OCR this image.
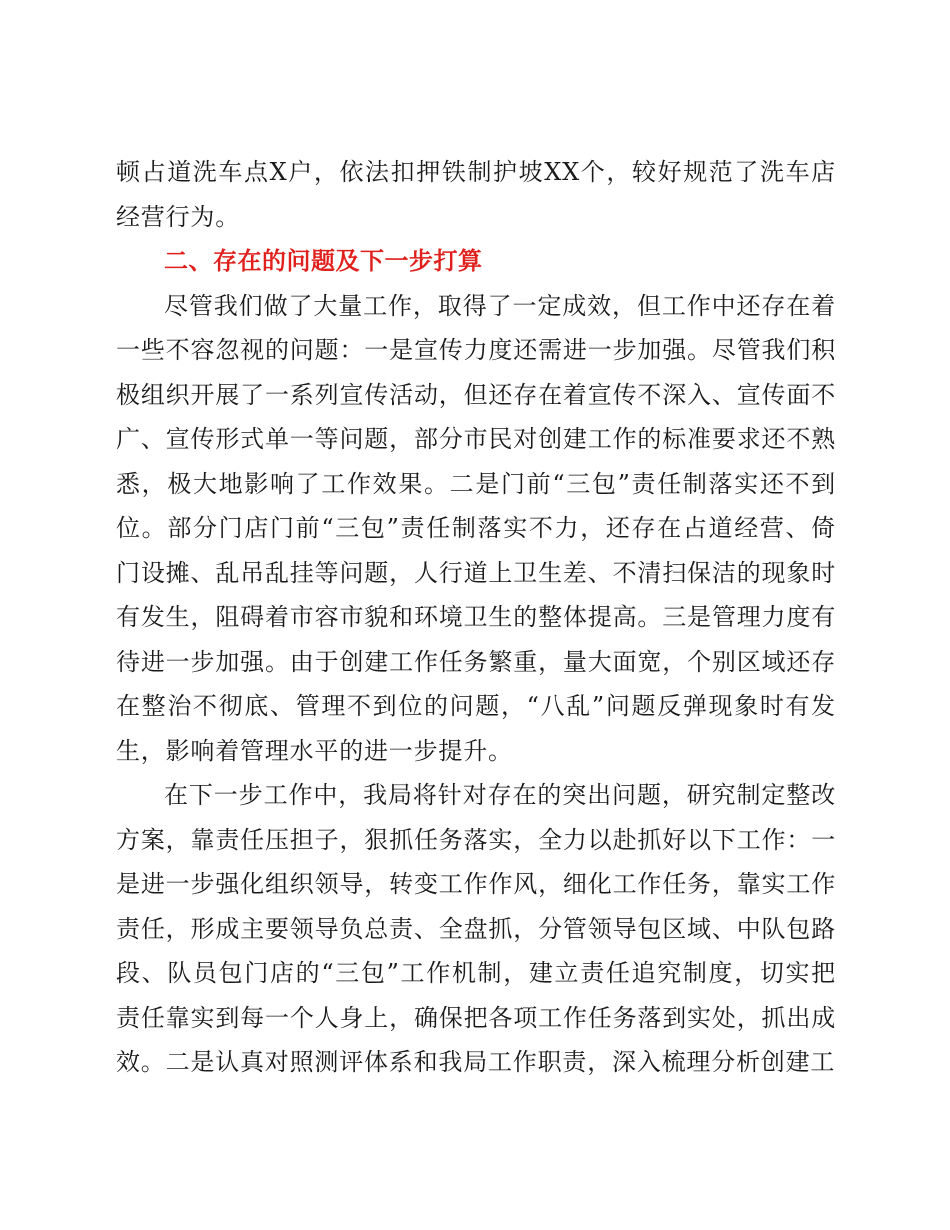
顿占道洗车点X户，依法扣押铁制护坡XX个，较好规范了洗车店经营行为。

二、存在的问题及下一步打算

尽管我们做了大量工作，取得了一定成效，但工作中还存在着一些不容忽视的问题：一是宣传力度还需进一步加强。尽管我们积极组织开展了一系列宣传活动，但还存在着宣传不深入、宣传面不广、宣传形式单一等问题，部分市民对创建工作的标准要求还不熟悉，极大地影响了工作效果。二是门前“三包”责任制落实还不到位。部分门店门前“三包”责任制落实不力，还存在占道经营、倚门设摊、乱吊乱挂等问题，人行道上卫生差、不清扫保洁的现象时有发生，阻碍着市容市貌和环境卫生的整体提高。三是管理力度有待进一步加强。由于创建工作任务繁重，量大面宽，个别区域还存在整治不彻底、管理不到位的问题，“八乱”问题反弹现象时有发生，影响着管理水平的进一步提升。

在下一步工作中，我局将针对存在的突出问题，研究制定整改方案，靠责任压担子，狠抓任务落实，全力以赴抓好以下工作：一是进一步强化组织领导，转变工作作风，细化工作任务，靠实工作责任，形成主要领导负总责、全盘抓，分管领导包区域、中队包路段、队员包门店的“三包”工作机制，建立责任追究制度，切实把责任靠实到每一个人身上，确保把各项工作任务落到实处，抓出成效。二是认真对照测评体系和我局工作职责，深入梳理分析创建工
